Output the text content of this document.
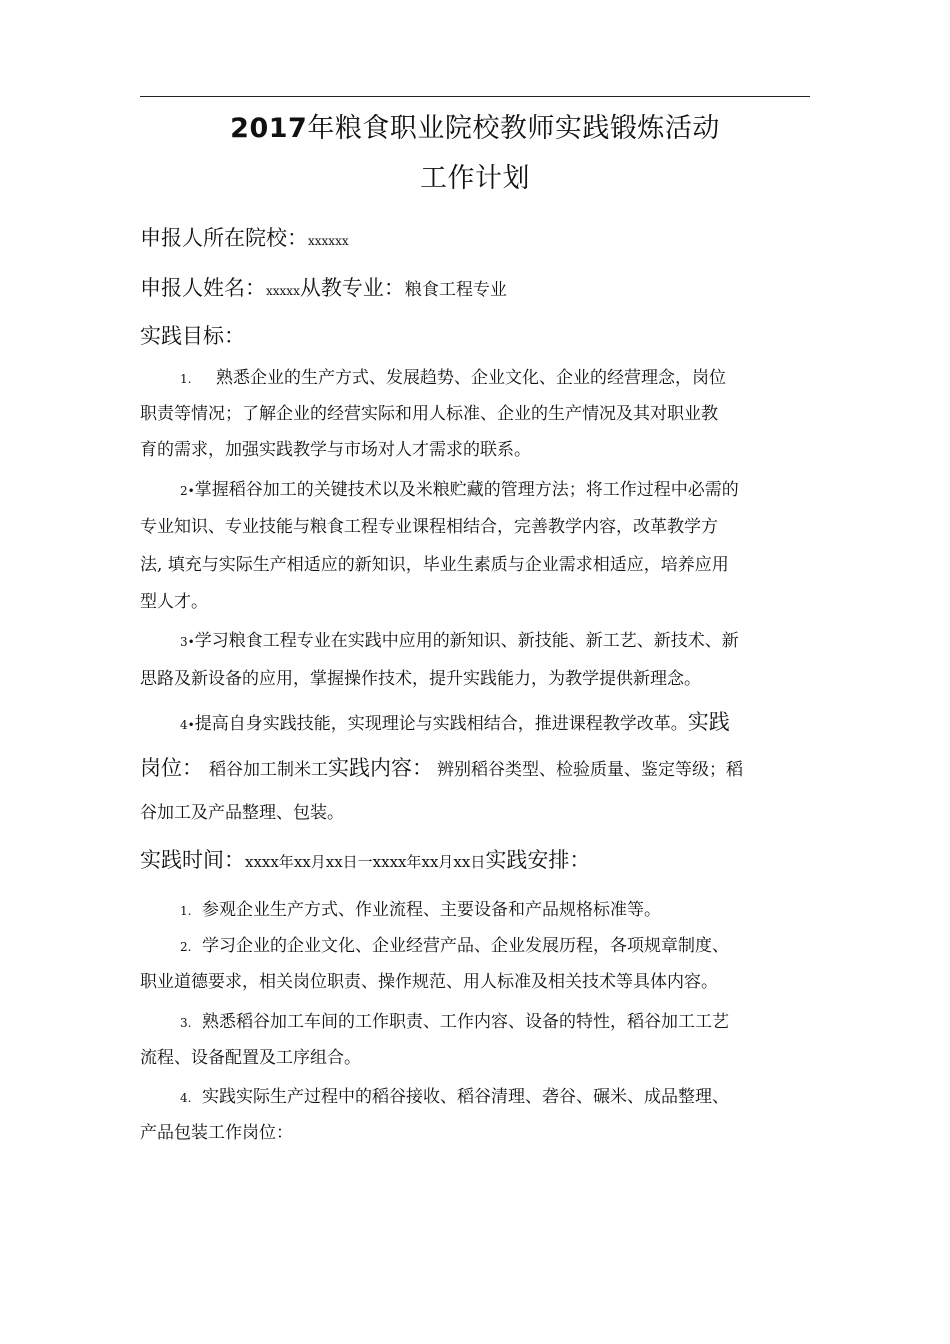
2017年粮食职业院校教师实践锻炼活动
工作计划
申报人所在院校：xxxxxx
申报人姓名：xxxxx从教专业：粮食工程专业
实践目标：
1. 熟悉企业的生产方式、发展趋势、企业文化、企业的经营理念，岗位
职责等情况；了解企业的经营实际和用人标准、企业的生产情况及其对职业教
育的需求，加强实践教学与市场对人才需求的联系。
2•掌握稻谷加工的关键技术以及米粮贮藏的管理方法；将工作过程中必需的
专业知识、专业技能与粮食工程专业课程相结合，完善教学内容，改革教学方
法, 填充与实际生产相适应的新知识，毕业生素质与企业需求相适应，培养应用
型人才。
3•学习粮食工程专业在实践中应用的新知识、新技能、新工艺、新技术、新
思路及新设备的应用，掌握操作技术，提升实践能力，为教学提供新理念。
4•提高自身实践技能，实现理论与实践相结合，推进课程教学改革。实践
岗位： 稻谷加工制米工实践内容： 辨别稻谷类型、检验质量、鉴定等级；稻
谷加工及产品整理、包装。
实践时间：xxxx年xx月xx日一xxxx年xx月xx日实践安排：
1. 参观企业生产方式、作业流程、主要设备和产品规格标准等。
2. 学习企业的企业文化、企业经营产品、企业发展历程，各项规章制度、
职业道德要求，相关岗位职责、操作规范、用人标准及相关技术等具体内容。
3. 熟悉稻谷加工车间的工作职责、工作内容、设备的特性，稻谷加工工艺
流程、设备配置及工序组合。
4. 实践实际生产过程中的稻谷接收、稻谷清理、砻谷、碾米、成品整理、
产品包装工作岗位：
